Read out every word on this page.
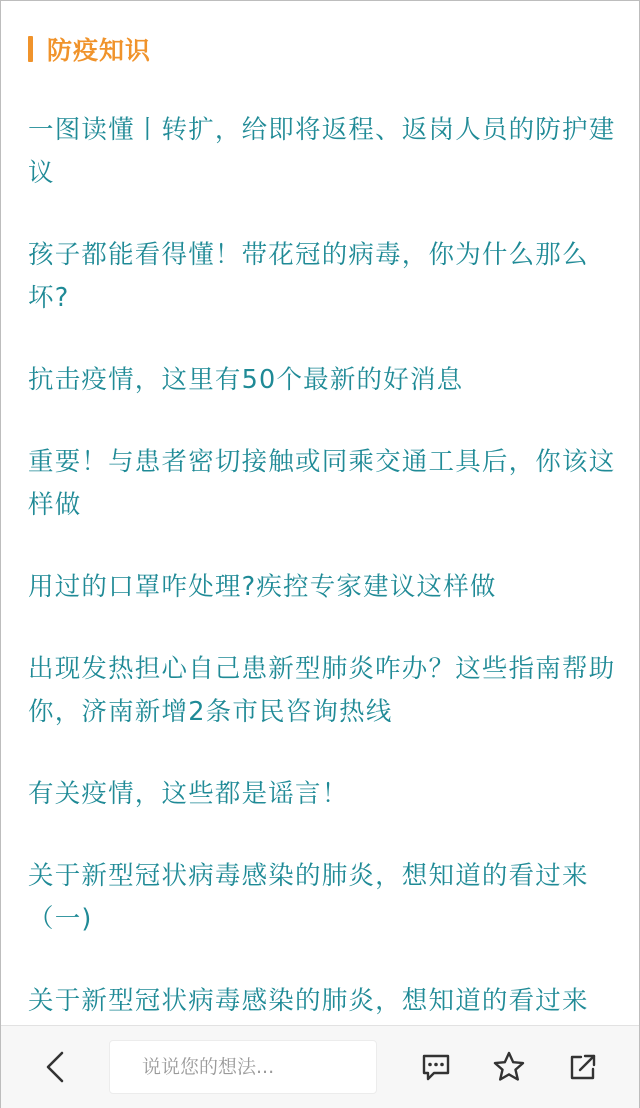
防疫知识
一图读懂丨转扩，给即将返程、返岗人员的防护建议
孩子都能看得懂！带花冠的病毒，你为什么那么坏?
抗击疫情，这里有50个最新的好消息
重要！与患者密切接触或同乘交通工具后，你该这样做
用过的口罩咋处理?疾控专家建议这样做
出现发热担心自己患新型肺炎咋办？这些指南帮助你，济南新增2条市民咨询热线
有关疫情，这些都是谣言！
关于新型冠状病毒感染的肺炎，想知道的看过来（一)
关于新型冠状病毒感染的肺炎，想知道的看过来
说说您的想法...
